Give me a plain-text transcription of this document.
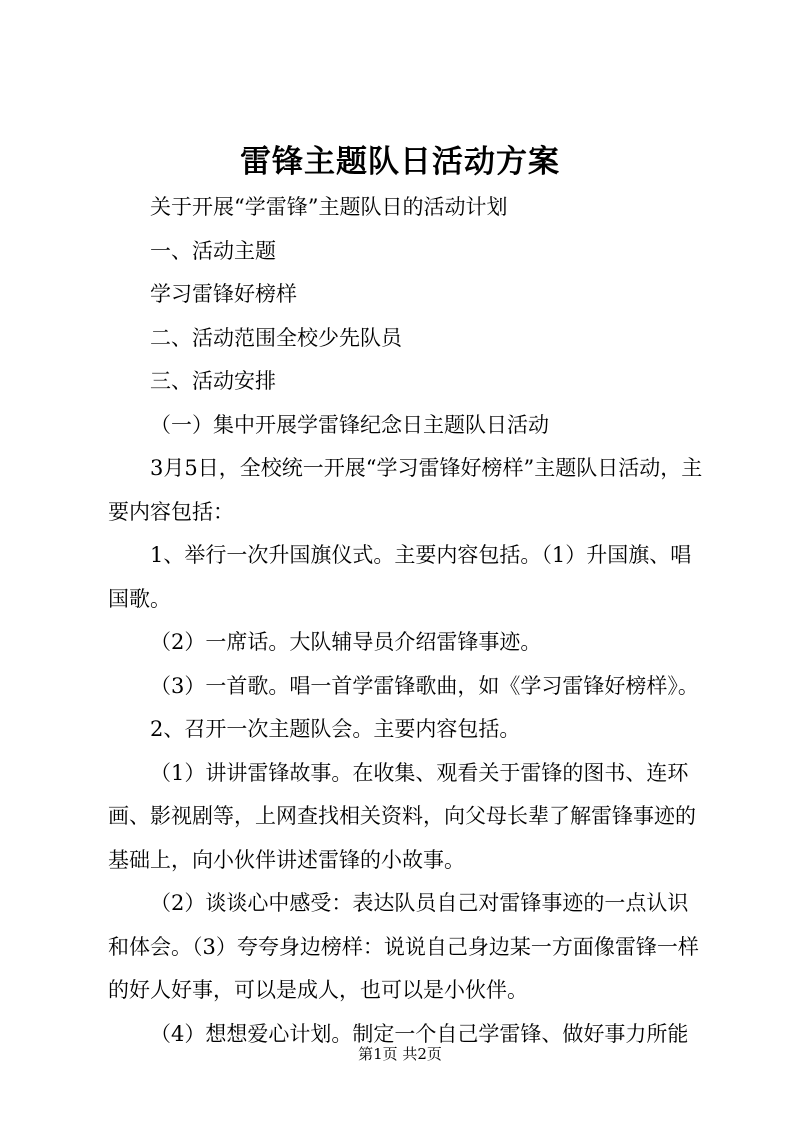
雷锋主题队日活动方案

关于开展“学雷锋”主题队日的活动计划

一、活动主题

学习雷锋好榜样

二、活动范围全校少先队员

三、活动安排

（一）集中开展学雷锋纪念日主题队日活动

3月5日，全校统一开展“学习雷锋好榜样”主题队日活动，主要内容包括：

1、举行一次升国旗仪式。主要内容包括。（1）升国旗、唱国歌。

（2）一席话。大队辅导员介绍雷锋事迹。

（3）一首歌。唱一首学雷锋歌曲，如《学习雷锋好榜样》。

2、召开一次主题队会。主要内容包括。

（1）讲讲雷锋故事。在收集、观看关于雷锋的图书、连环画、影视剧等，上网查找相关资料，向父母长辈了解雷锋事迹的基础上，向小伙伴讲述雷锋的小故事。

（2）谈谈心中感受：表达队员自己对雷锋事迹的一点认识和体会。（3）夸夸身边榜样：说说自己身边某一方面像雷锋一样的好人好事，可以是成人，也可以是小伙伴。

（4）想想爱心计划。制定一个自己学雷锋、做好事力所能

第1页 共2页
